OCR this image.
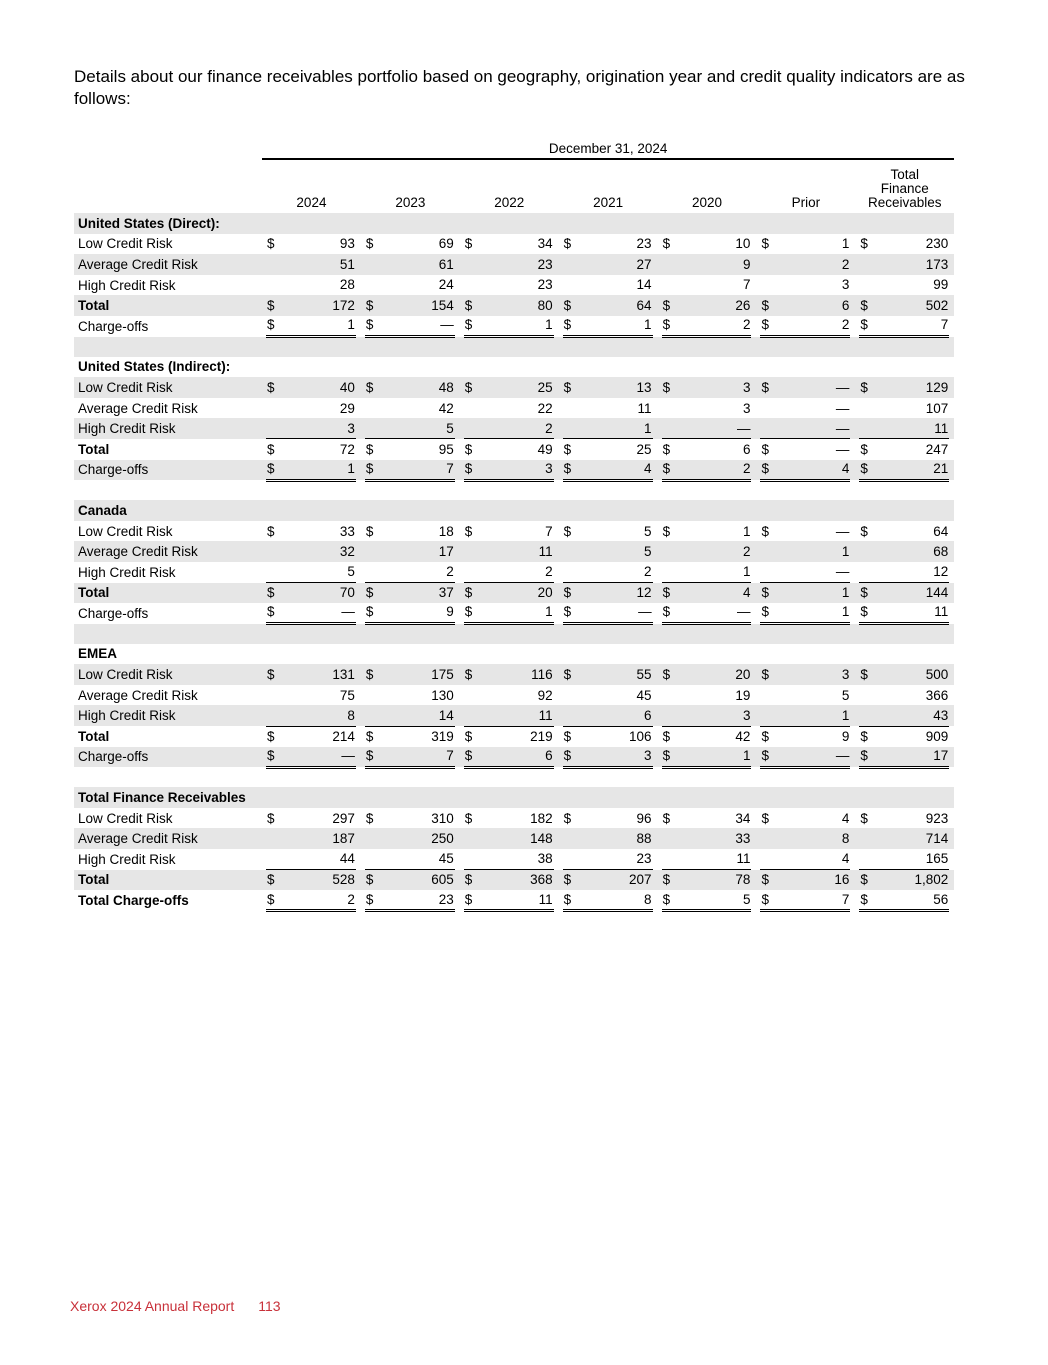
Details about our finance receivables portfolio based on geography, origination year and credit quality indicators are as follows:

	December 31, 2024						
	2024	2023	2022	2021	2020	Prior	Total Finance Receivables
United States (Direct):							
Low Credit Risk	$ 93	$ 69	$ 34	$ 23	$ 10	$ 1	$ 230

Average Credit Risk	51	61	23	27	9	2	173

High Credit Risk	28	24	23	14	7	3	99

Total	$ 172	$ 154	$ 80	$ 64	$ 26	$ 6	$ 502

Charge-offs	$ 1	$ —	$ 1	$ 1	$ 2	$ 2	$ 7

United States (Indirect):							
Low Credit Risk	$ 40	$ 48	$ 25	$ 13	$ 3	$ —	$ 129

Average Credit Risk	29	42	22	11	3	—	107

High Credit Risk	3	5	2	1	—	—	11

Total	$ 72	$ 95	$ 49	$ 25	$ 6	$ —	$ 247

Charge-offs	$ 1	$ 7	$ 3	$ 4	$ 2	$ 4	$ 21

Canada							
Low Credit Risk	$ 33	$ 18	$ 7	$ 5	$ 1	$ —	$ 64

Average Credit Risk	32	17	11	5	2	1	68

High Credit Risk	5	2	2	2	1	—	12

Total	$ 70	$ 37	$ 20	$ 12	$ 4	$ 1	$ 144

Charge-offs	$ —	$ 9	$ 1	$ —	$ —	$ 1	$ 11

EMEA							
Low Credit Risk	$ 131	$ 175	$ 116	$ 55	$ 20	$ 3	$ 500

Average Credit Risk	75	130	92	45	19	5	366

High Credit Risk	8	14	11	6	3	1	43

Total	$ 214	$ 319	$ 219	$ 106	$ 42	$ 9	$ 909

Charge-offs	$ —	$ 7	$ 6	$ 3	$ 1	$ —	$ 17

Total Finance Receivables							
Low Credit Risk	$ 297	$ 310	$ 182	$ 96	$ 34	$ 4	$ 923

Average Credit Risk	187	250	148	88	33	8	714

High Credit Risk	44	45	38	23	11	4	165

Total	$ 528	$ 605	$ 368	$ 207	$ 78	$ 16	$ 1,802

Total Charge-offs	$ 2	$ 23	$ 11	$ 8	$ 5	$ 7	$ 56
Xerox 2024 Annual Report 113
